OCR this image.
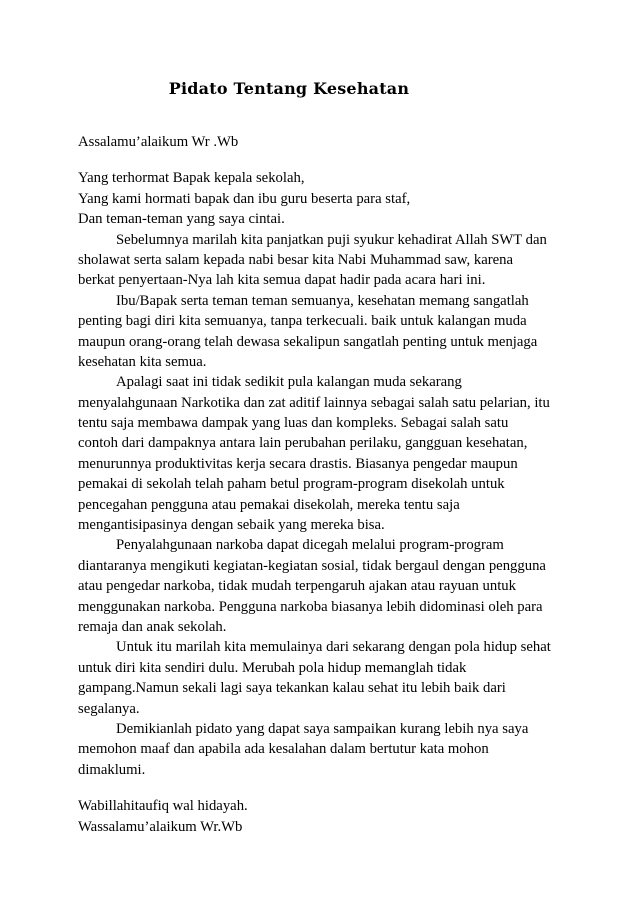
Pidato Tentang Kesehatan
Assalamu’alaikum Wr .Wb
Yang terhormat Bapak kepala sekolah,
Yang kami hormati bapak dan ibu guru beserta para staf,
Dan teman-teman yang saya cintai.
Sebelumnya marilah kita panjatkan puji syukur kehadirat Allah SWT dan
sholawat serta salam kepada nabi besar kita Nabi Muhammad saw, karena
berkat penyertaan-Nya lah kita semua dapat hadir pada acara hari ini.
Ibu/Bapak serta teman teman semuanya, kesehatan memang sangatlah
penting bagi diri kita semuanya, tanpa terkecuali. baik untuk kalangan muda
maupun orang-orang telah dewasa sekalipun sangatlah penting untuk menjaga
kesehatan kita semua.
Apalagi saat ini tidak sedikit pula kalangan muda sekarang
menyalahgunaan Narkotika dan zat aditif lainnya sebagai salah satu pelarian, itu
tentu saja membawa dampak yang luas dan kompleks. Sebagai salah satu
contoh dari dampaknya antara lain perubahan perilaku, gangguan kesehatan,
menurunnya produktivitas kerja secara drastis. Biasanya pengedar maupun
pemakai di sekolah telah paham betul program-program disekolah untuk
pencegahan pengguna atau pemakai disekolah, mereka tentu saja
mengantisipasinya dengan sebaik yang mereka bisa.
Penyalahgunaan narkoba dapat dicegah melalui program-program
diantaranya mengikuti kegiatan-kegiatan sosial, tidak bergaul dengan pengguna
atau pengedar narkoba, tidak mudah terpengaruh ajakan atau rayuan untuk
menggunakan narkoba. Pengguna narkoba biasanya lebih didominasi oleh para
remaja dan anak sekolah.
Untuk itu marilah kita memulainya dari sekarang dengan pola hidup sehat
untuk diri kita sendiri dulu. Merubah pola hidup memanglah tidak
gampang.Namun sekali lagi saya tekankan kalau sehat itu lebih baik dari
segalanya.
Demikianlah pidato yang dapat saya sampaikan kurang lebih nya saya
memohon maaf dan apabila ada kesalahan dalam bertutur kata mohon
dimaklumi.
Wabillahitaufiq wal hidayah.
Wassalamu’alaikum Wr.Wb
